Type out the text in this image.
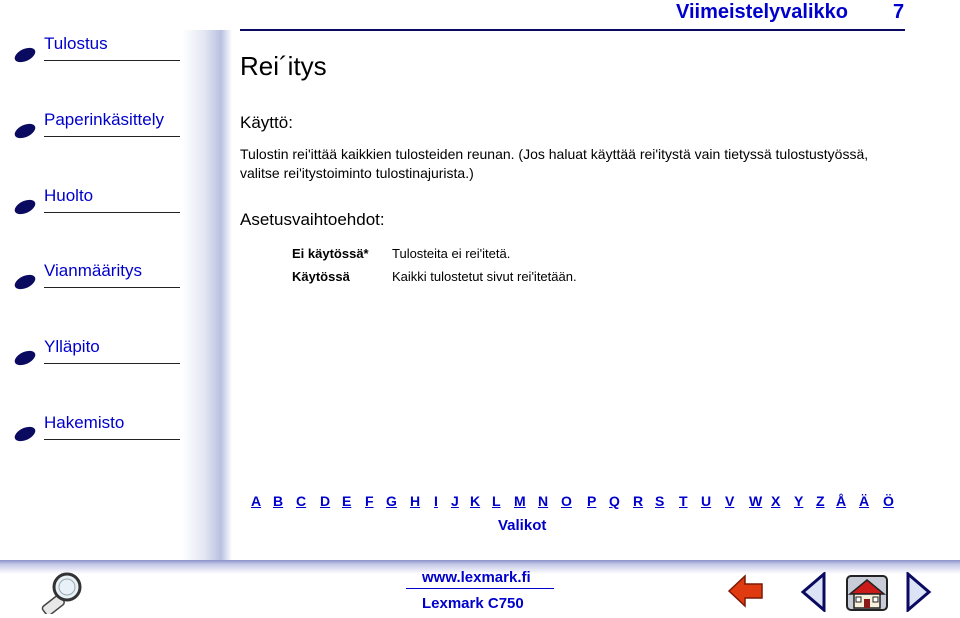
Tulostus
Paperinkäsittely
Huolto
Vianmääritys
Ylläpito
Hakemisto
Viimeistelyvalikko 7
Rei´itys
Käyttö:
Tulostin rei'ittää kaikkien tulosteiden reunan. (Jos haluat käyttää rei'itystä vain tietyssä tulostustyössä, valitse rei'itystoiminto tulostinajurista.)
Asetusvaihtoehdot:
Ei käytössä* Tulosteita ei rei'itetä.
Käytössä	Kaikki tulostetut sivut rei'itetään.
A B C D E F G H I J K L M N O P Q R S T U V W X Y Z Å Ä Ö
Valikot
www.lexmark.fi
Lexmark C750
